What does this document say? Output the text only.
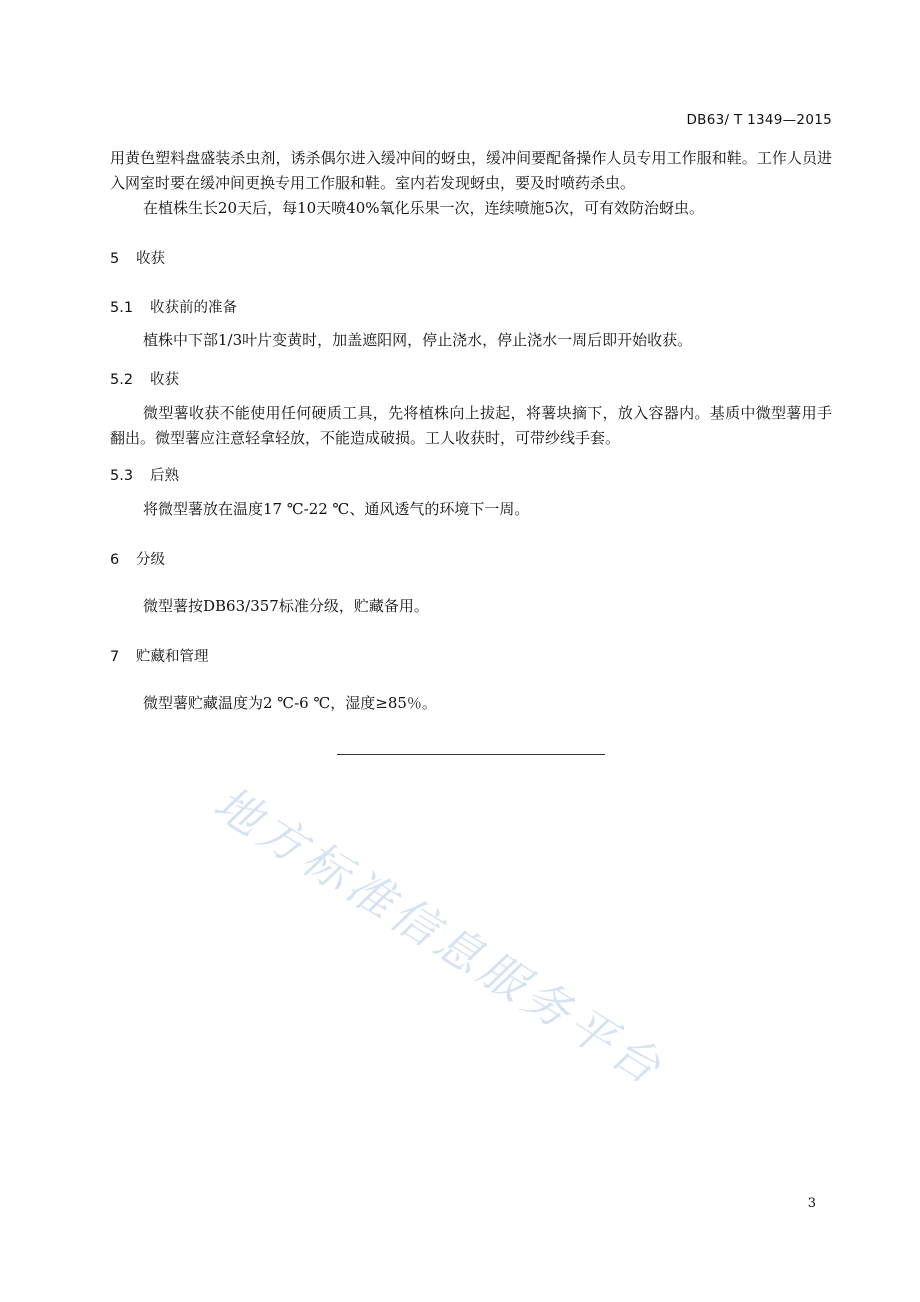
DB63/ T 1349—2015

用黄色塑料盘盛装杀虫剂，诱杀偶尔进入缓冲间的蚜虫，缓冲间要配备操作人员专用工作服和鞋。工作人员进入网室时要在缓冲间更换专用工作服和鞋。室内若发现蚜虫，要及时喷药杀虫。

在植株生长20天后，每10天喷40%氧化乐果一次，连续喷施5次，可有效防治蚜虫。

5 收获
5.1 收获前的准备

植株中下部1/3叶片变黄时，加盖遮阳网，停止浇水，停止浇水一周后即开始收获。

5.2 收获

微型薯收获不能使用任何硬质工具，先将植株向上拔起，将薯块摘下，放入容器内。基质中微型薯用手翻出。微型薯应注意轻拿轻放，不能造成破损。工人收获时，可带纱线手套。

5.3 后熟

将微型薯放在温度17 ℃-22 ℃、通风透气的环境下一周。

6 分级

微型薯按DB63/357标准分级，贮藏备用。

7 贮藏和管理

微型薯贮藏温度为2 ℃-6 ℃，湿度≥85％。

地方标准信息服务平台
3
